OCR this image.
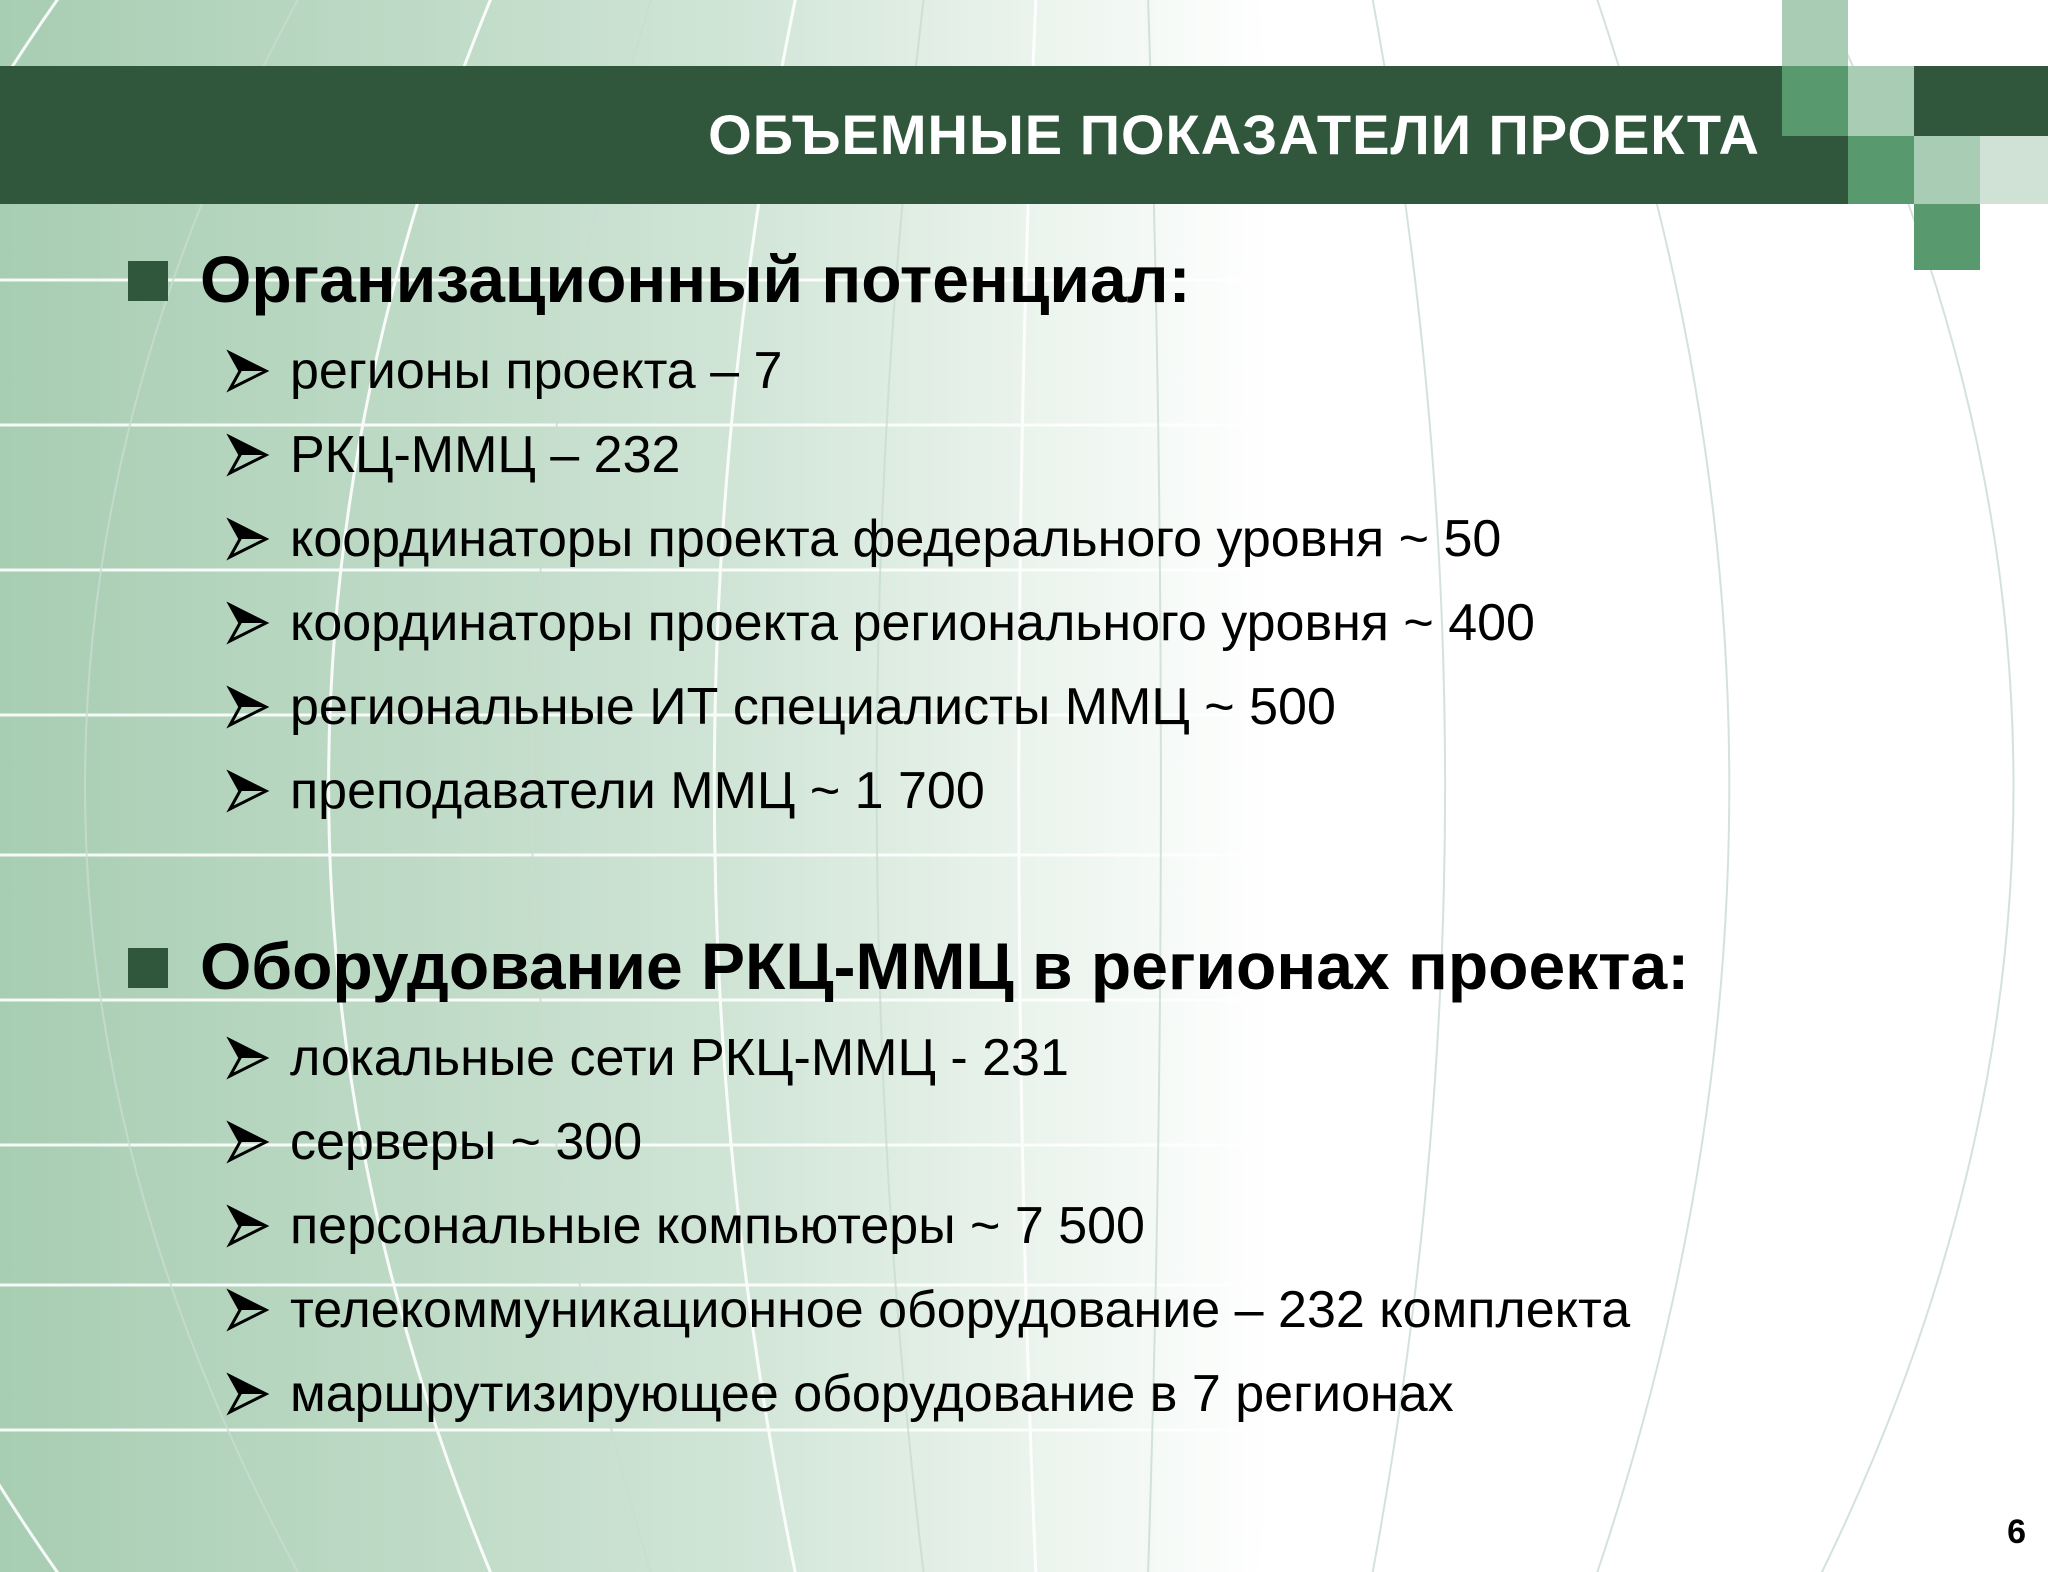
ОБЪЕМНЫЕ ПОКАЗАТЕЛИ ПРОЕКТА
Организационный потенциал:
регионы проекта – 7
РКЦ-ММЦ – 232
координаторы проекта федерального уровня ~ 50
координаторы проекта регионального уровня ~ 400
региональные ИТ специалисты ММЦ ~ 500
преподаватели ММЦ ~ 1 700
Оборудование РКЦ-ММЦ в регионах проекта:
локальные сети РКЦ-ММЦ - 231
серверы ~ 300
персональные компьютеры ~ 7 500
телекоммуникационное оборудование – 232 комплекта
маршрутизирующее оборудование в 7 регионах
6
